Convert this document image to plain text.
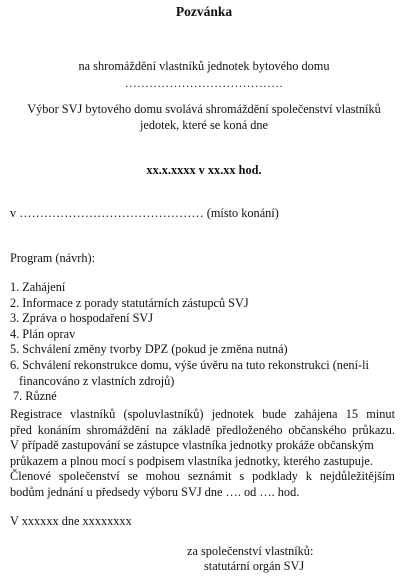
Pozvánka
na shromáždění vlastníků jednotek bytového domu
…………………………………
Výbor SVJ bytového domu svolává shromáždění společenství vlastníků
jedotek, které se koná dne
xx.x.xxxx v xx.xx hod.
v ……………………………………… (místo konání)
Program (návrh):
1. Zahájení
2. Informace z porady statutárních zástupců SVJ
3. Zpráva o hospodaření SVJ
4. Plán oprav
5. Schválení změny tvorby DPZ (pokud je změna nutná)
6. Schválení rekonstrukce domu, výše úvěru na tuto rekonstrukci (není-li
financováno z vlastních zdrojů)
7. Různé
Registrace vlastníků (spoluvlastníků) jednotek bude zahájena 15 minut
před konáním shromáždění na základě předloženého občanského průkazu.
V případě zastupování se zástupce vlastníka jednotky prokáže občanským
průkazem a plnou mocí s podpisem vlastníka jednotky, kterého zastupuje.
Členové společenství se mohou seznámit s podklady k nejdůležitějším
bodům jednání u předsedy výboru SVJ dne …. od …. hod.
V xxxxxx dne xxxxxxxx
za společenství vlastníků:
statutární orgán SVJ
